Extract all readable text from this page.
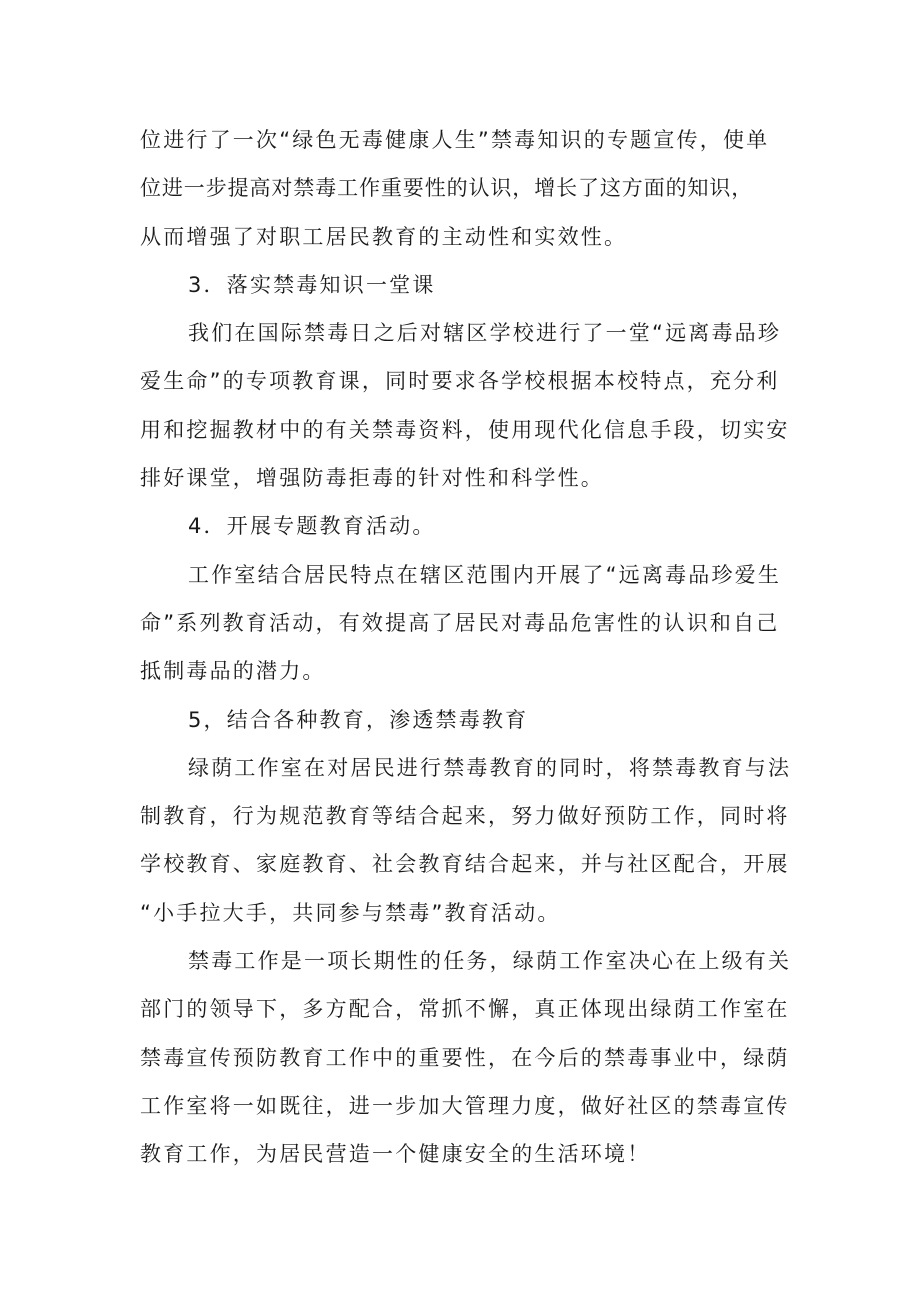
位进行了一次“绿色无毒健康人生”禁毒知识的专题宣传，使单
位进一步提高对禁毒工作重要性的认识，增长了这方面的知识，
从而增强了对职工居民教育的主动性和实效性。
3．落实禁毒知识一堂课
我们在国际禁毒日之后对辖区学校进行了一堂“远离毒品珍
爱生命”的专项教育课，同时要求各学校根据本校特点，充分利
用和挖掘教材中的有关禁毒资料，使用现代化信息手段，切实安
排好课堂，增强防毒拒毒的针对性和科学性。
4．开展专题教育活动。
工作室结合居民特点在辖区范围内开展了“远离毒品珍爱生
命”系列教育活动，有效提高了居民对毒品危害性的认识和自己
抵制毒品的潜力。
5，结合各种教育，渗透禁毒教育
绿荫工作室在对居民进行禁毒教育的同时，将禁毒教育与法
制教育，行为规范教育等结合起来，努力做好预防工作，同时将
学校教育、家庭教育、社会教育结合起来，并与社区配合，开展
“小手拉大手，共同参与禁毒”教育活动。
禁毒工作是一项长期性的任务，绿荫工作室决心在上级有关
部门的领导下，多方配合，常抓不懈，真正体现出绿荫工作室在
禁毒宣传预防教育工作中的重要性，在今后的禁毒事业中，绿荫
工作室将一如既往，进一步加大管理力度，做好社区的禁毒宣传
教育工作，为居民营造一个健康安全的生活环境！
